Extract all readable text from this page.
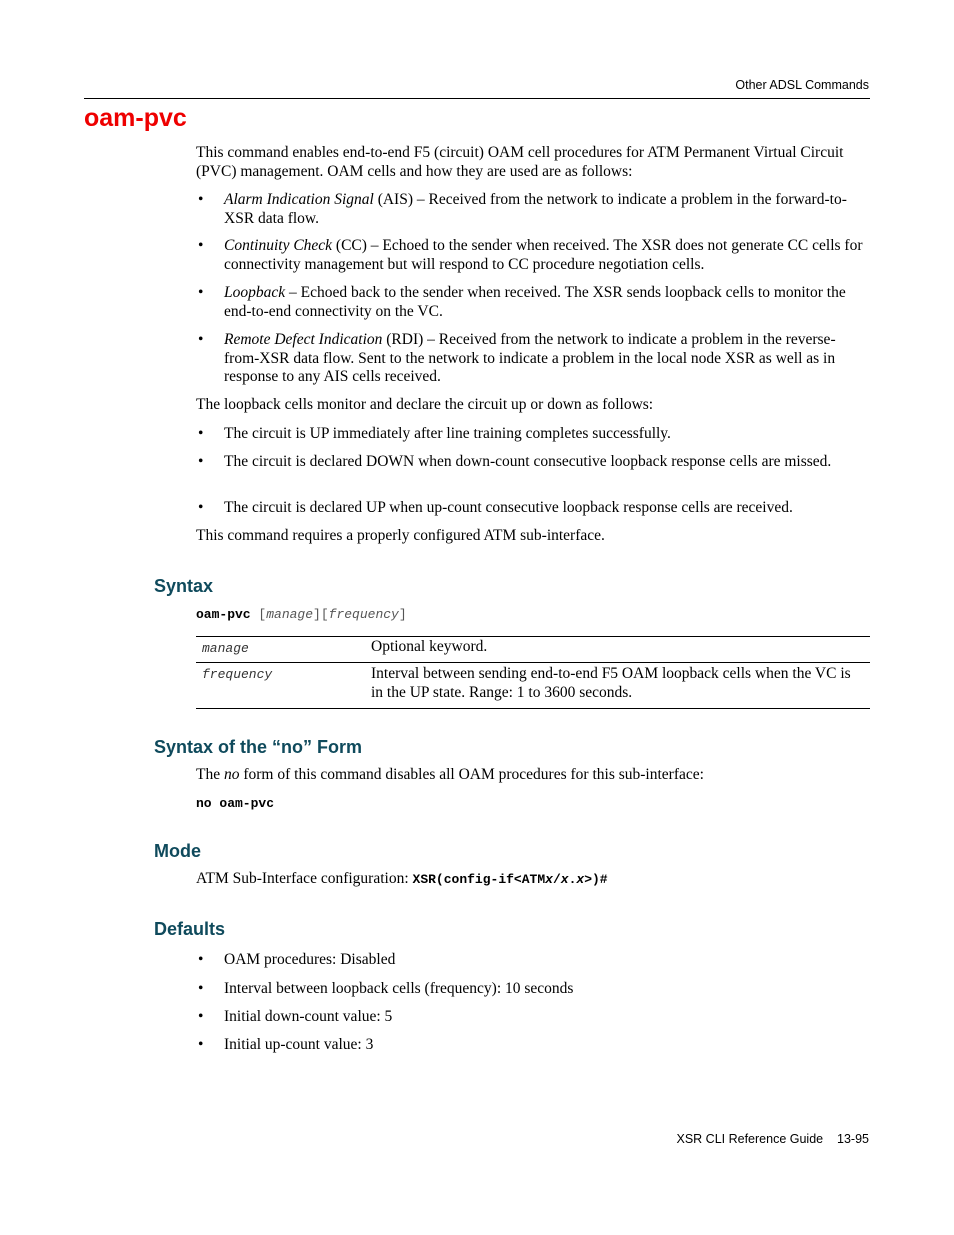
Other ADSL Commands
oam-pvc

This command enables end-to-end F5 (circuit) OAM cell procedures for ATM Permanent Virtual Circuit (PVC) management. OAM cells and how they are used are as follows:

• Alarm Indication Signal (AIS) – Received from the network to indicate a problem in the forward-to-XSR data flow.
• Continuity Check (CC) – Echoed to the sender when received. The XSR does not generate CC cells for connectivity management but will respond to CC procedure negotiation cells.
• Loopback – Echoed back to the sender when received. The XSR sends loopback cells to monitor the end-to-end connectivity on the VC.
• Remote Defect Indication (RDI) – Received from the network to indicate a problem in the reverse-from-XSR data flow. Sent to the network to indicate a problem in the local node XSR as well as in response to any AIS cells received.

The loopback cells monitor and declare the circuit up or down as follows:

• The circuit is UP immediately after line training completes successfully.
• The circuit is declared DOWN when down-count consecutive loopback response cells are missed.
• The circuit is declared UP when up-count consecutive loopback response cells are received.

This command requires a properly configured ATM sub-interface.

Syntax
oam-pvc [manage][frequency]
manage	Optional keyword.
frequency	Interval between sending end-to-end F5 OAM loopback cells when the VC is in the UP state. Range: 1 to 3600 seconds.
Syntax of the “no” Form

The no form of this command disables all OAM procedures for this sub-interface:

no oam-pvc
Mode

ATM Sub-Interface configuration: XSR(config-if<ATMx/x.x>)#

Defaults
• OAM procedures: Disabled
• Interval between loopback cells (frequency): 10 seconds
• Initial down-count value: 5
• Initial up-count value: 3
XSR CLI Reference Guide 13-95
